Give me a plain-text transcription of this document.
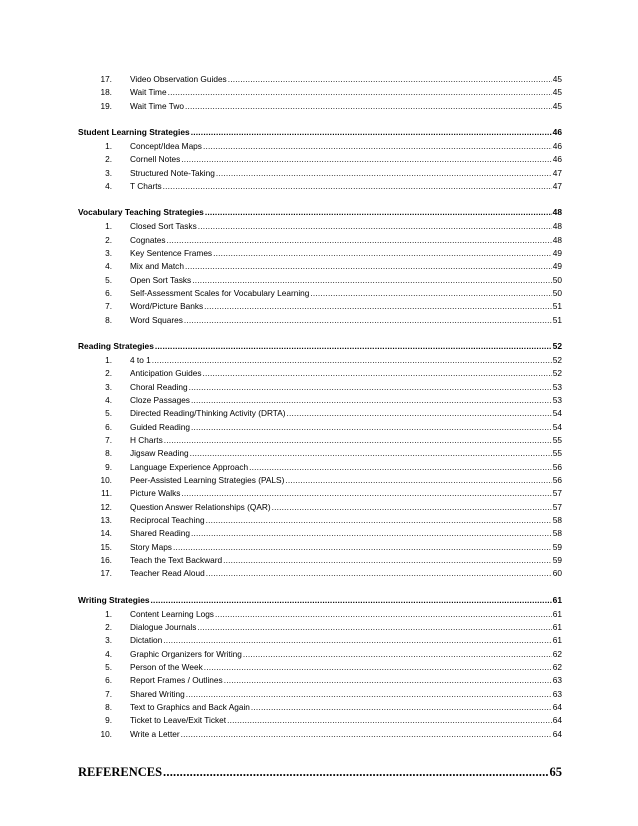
17.	Video Observation Guides .....	45
18.	Wait Time .....	45
19.	Wait Time Two .....	45
Student Learning Strategies .....	46
1.	Concept/Idea Maps .....	46
2.	Cornell Notes .....	46
3.	Structured Note-Taking .....	47
4.	T Charts .....	47
Vocabulary Teaching Strategies .....	48
1.	Closed Sort Tasks .....	48
2.	Cognates .....	48
3.	Key Sentence Frames .....	49
4.	Mix and Match .....	49
5.	Open Sort Tasks .....	50
6.	Self-Assessment Scales for Vocabulary Learning .....	50
7.	Word/Picture Banks .....	51
8.	Word Squares .....	51
Reading Strategies .....	52
1.	4 to 1 .....	52
2.	Anticipation Guides .....	52
3.	Choral Reading .....	53
4.	Cloze Passages .....	53
5.	Directed Reading/Thinking Activity (DRTA) .....	54
6.	Guided Reading .....	54
7.	H Charts .....	55
8.	Jigsaw Reading .....	55
9.	Language Experience Approach .....	56
10.	Peer-Assisted Learning Strategies (PALS) .....	56
11.	Picture Walks .....	57
12.	Question Answer Relationships (QAR) .....	57
13.	Reciprocal Teaching .....	58
14.	Shared Reading .....	58
15.	Story Maps .....	59
16.	Teach the Text Backward .....	59
17.	Teacher Read Aloud .....	60
Writing Strategies .....	61
1.	Content Learning Logs .....	61
2.	Dialogue Journals .....	61
3.	Dictation .....	61
4.	Graphic Organizers for Writing .....	62
5.	Person of the Week .....	62
6.	Report Frames / Outlines .....	63
7.	Shared Writing .....	63
8.	Text to Graphics and Back Again .....	64
9.	Ticket to Leave/Exit Ticket .....	64
10.	Write a Letter .....	64
REFERENCES .....	65
